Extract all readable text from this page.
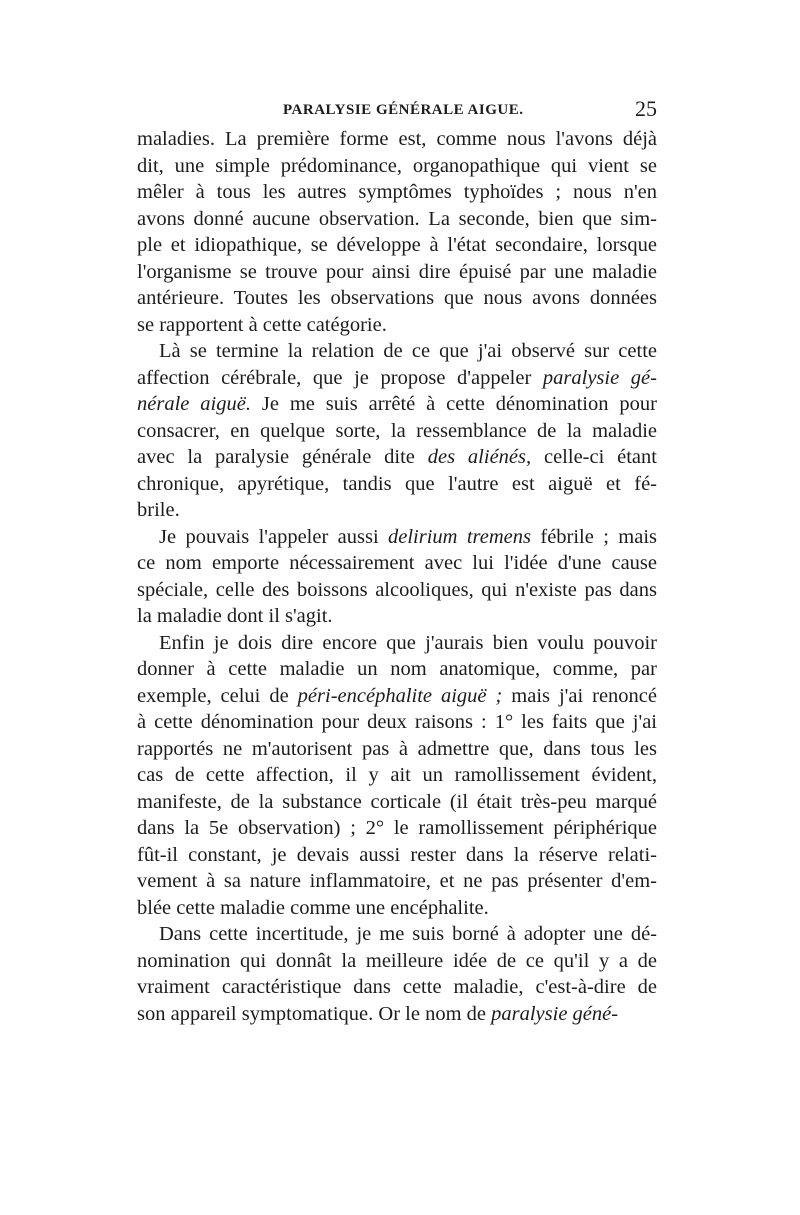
PARALYSIE GÉNÉRALE AIGUE.	25
maladies. La première forme est, comme nous l'avons déjà
dit, une simple prédominance, organopathique qui vient se
mêler à tous les autres symptômes typhoïdes ; nous n'en
avons donné aucune observation. La seconde, bien que sim-
ple et idiopathique, se développe à l'état secondaire, lorsque
l'organisme se trouve pour ainsi dire épuisé par une maladie
antérieure. Toutes les observations que nous avons données
se rapportent à cette catégorie.
Là se termine la relation de ce que j'ai observé sur cette
affection cérébrale, que je propose d'appeler paralysie gé-
nérale aiguë. Je me suis arrêté à cette dénomination pour
consacrer, en quelque sorte, la ressemblance de la maladie
avec la paralysie générale dite des aliénés, celle-ci étant
chronique, apyrétique, tandis que l'autre est aiguë et fé-
brile.
Je pouvais l'appeler aussi delirium tremens fébrile ; mais
ce nom emporte nécessairement avec lui l'idée d'une cause
spéciale, celle des boissons alcooliques, qui n'existe pas dans
la maladie dont il s'agit.
Enfin je dois dire encore que j'aurais bien voulu pouvoir
donner à cette maladie un nom anatomique, comme, par
exemple, celui de péri-encéphalite aiguë ; mais j'ai renoncé
à cette dénomination pour deux raisons : 1° les faits que j'ai
rapportés ne m'autorisent pas à admettre que, dans tous les
cas de cette affection, il y ait un ramollissement évident,
manifeste, de la substance corticale (il était très-peu marqué
dans la 5e observation) ; 2° le ramollissement périphérique
fût-il constant, je devais aussi rester dans la réserve relati-
vement à sa nature inflammatoire, et ne pas présenter d'em-
blée cette maladie comme une encéphalite.
Dans cette incertitude, je me suis borné à adopter une dé-
nomination qui donnât la meilleure idée de ce qu'il y a de
vraiment caractéristique dans cette maladie, c'est-à-dire de
son appareil symptomatique. Or le nom de paralysie géné-
